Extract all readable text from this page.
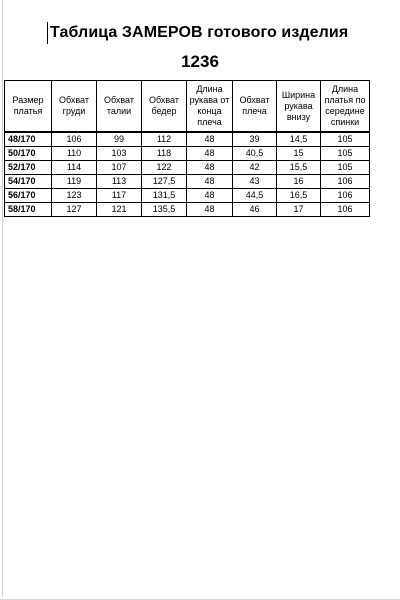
Таблица ЗАМЕРОВ готового изделия
1236
Размер платья	Обхват груди	Обхват талии	Обхват бедер	Длина рукава от конца плеча	Обхват плеча	Ширина рукава внизу	Длина платья по середине спинки
48/170	106	99	112	48	39	14,5	105
50/170	110	103	118	48	40,5	15	105
52/170	114	107	122	48	42	15,5	105
54/170	119	113	127,5	48	43	16	106
56/170	123	117	131,5	48	44,5	16,5	106
58/170	127	121	135,5	48	46	17	106
